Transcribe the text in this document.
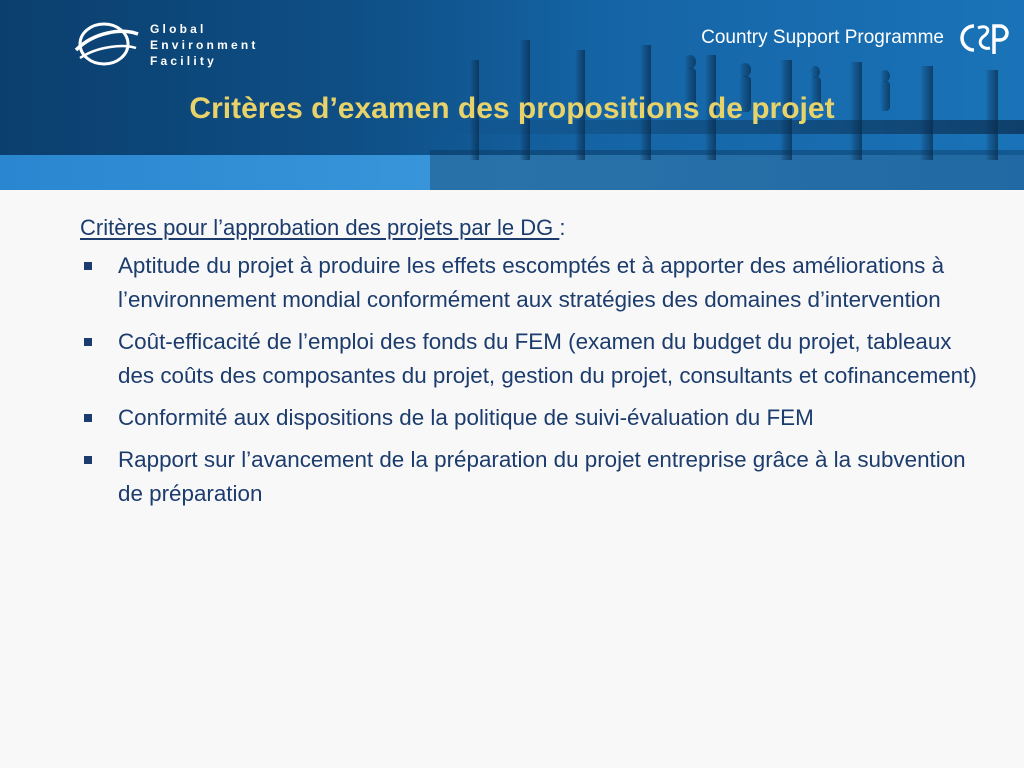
Global
Environment
Facility
Country Support Programme
Critères d’examen des propositions de projet

Critères pour l’approbation des projets par le DG :

Aptitude du projet à produire les effets escomptés et à apporter des améliorations à l’environnement mondial conformément aux stratégies des domaines d’intervention
Coût-efficacité de l’emploi des fonds du FEM (examen du budget du projet, tableaux des coûts des composantes du projet, gestion du projet, consultants et cofinancement)
Conformité aux dispositions de la politique de suivi-évaluation du FEM
Rapport sur l’avancement de la préparation du projet entreprise grâce à la subvention de préparation
